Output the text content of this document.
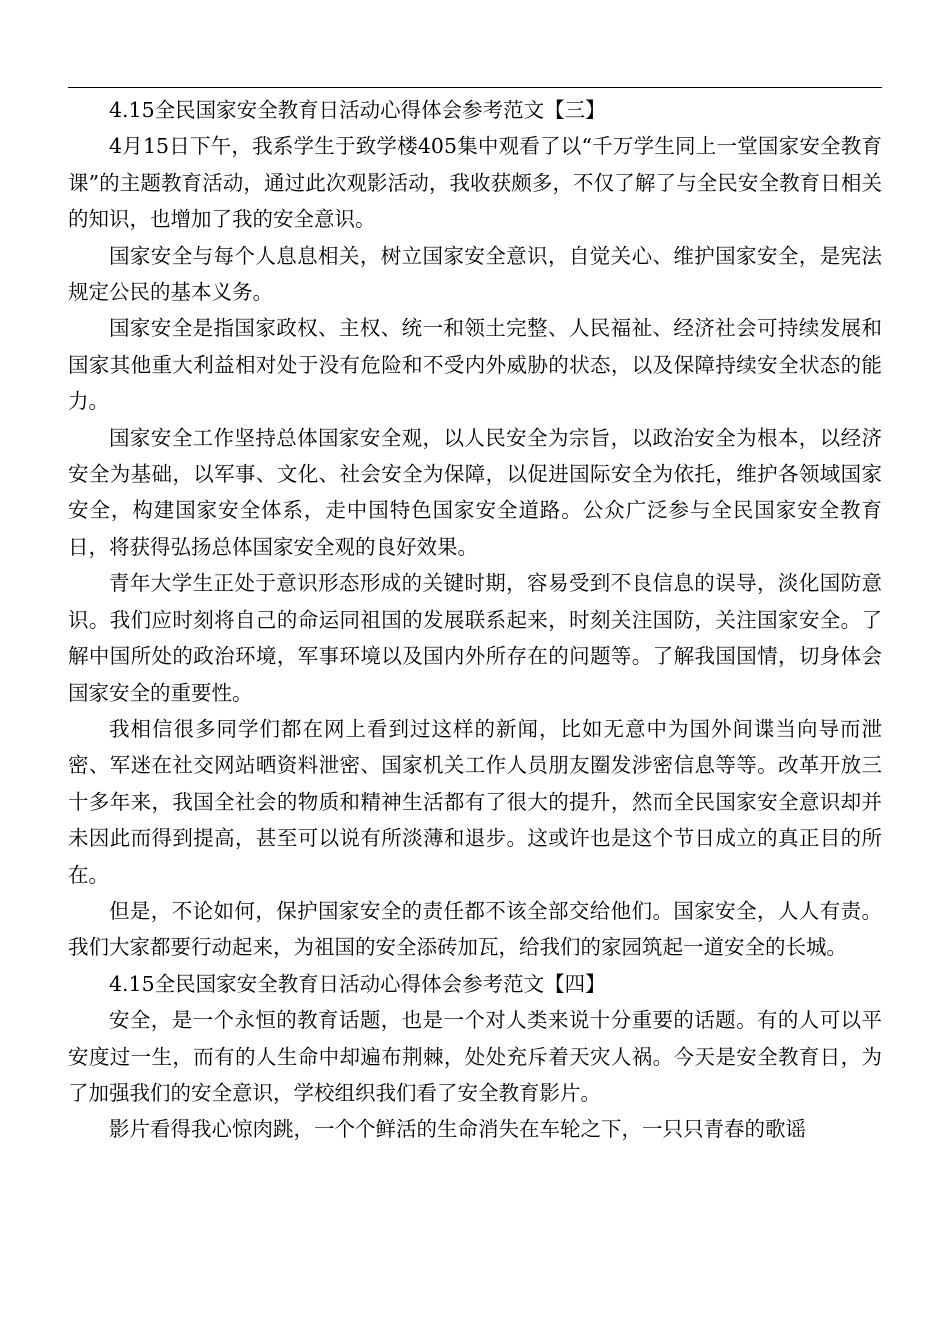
4.15全民国家安全教育日活动心得体会参考范文【三】

4月15日下午，我系学生于致学楼405集中观看了以“千万学生同上一堂国家安全教育课”的主题教育活动，通过此次观影活动，我收获颇多，不仅了解了与全民安全教育日相关的知识，也增加了我的安全意识。

国家安全与每个人息息相关，树立国家安全意识，自觉关心、维护国家安全，是宪法规定公民的基本义务。

国家安全是指国家政权、主权、统一和领土完整、人民福祉、经济社会可持续发展和国家其他重大利益相对处于没有危险和不受内外威胁的状态，以及保障持续安全状态的能力。

国家安全工作坚持总体国家安全观，以人民安全为宗旨，以政治安全为根本，以经济安全为基础，以军事、文化、社会安全为保障，以促进国际安全为依托，维护各领域国家安全，构建国家安全体系，走中国特色国家安全道路。公众广泛参与全民国家安全教育日，将获得弘扬总体国家安全观的良好效果。

青年大学生正处于意识形态形成的关键时期，容易受到不良信息的误导，淡化国防意识。我们应时刻将自己的命运同祖国的发展联系起来，时刻关注国防，关注国家安全。了解中国所处的政治环境，军事环境以及国内外所存在的问题等。了解我国国情，切身体会国家安全的重要性。

我相信很多同学们都在网上看到过这样的新闻，比如无意中为国外间谍当向导而泄密、军迷在社交网站晒资料泄密、国家机关工作人员朋友圈发涉密信息等等。改革开放三十多年来，我国全社会的物质和精神生活都有了很大的提升，然而全民国家安全意识却并未因此而得到提高，甚至可以说有所淡薄和退步。这或许也是这个节日成立的真正目的所在。

但是，不论如何，保护国家安全的责任都不该全部交给他们。国家安全，人人有责。我们大家都要行动起来，为祖国的安全添砖加瓦，给我们的家园筑起一道安全的长城。

4.15全民国家安全教育日活动心得体会参考范文【四】

安全，是一个永恒的教育话题，也是一个对人类来说十分重要的话题。有的人可以平安度过一生，而有的人生命中却遍布荆棘，处处充斥着天灾人祸。今天是安全教育日，为了加强我们的安全意识，学校组织我们看了安全教育影片。

影片看得我心惊肉跳，一个个鲜活的生命消失在车轮之下，一只只青春的歌谣
